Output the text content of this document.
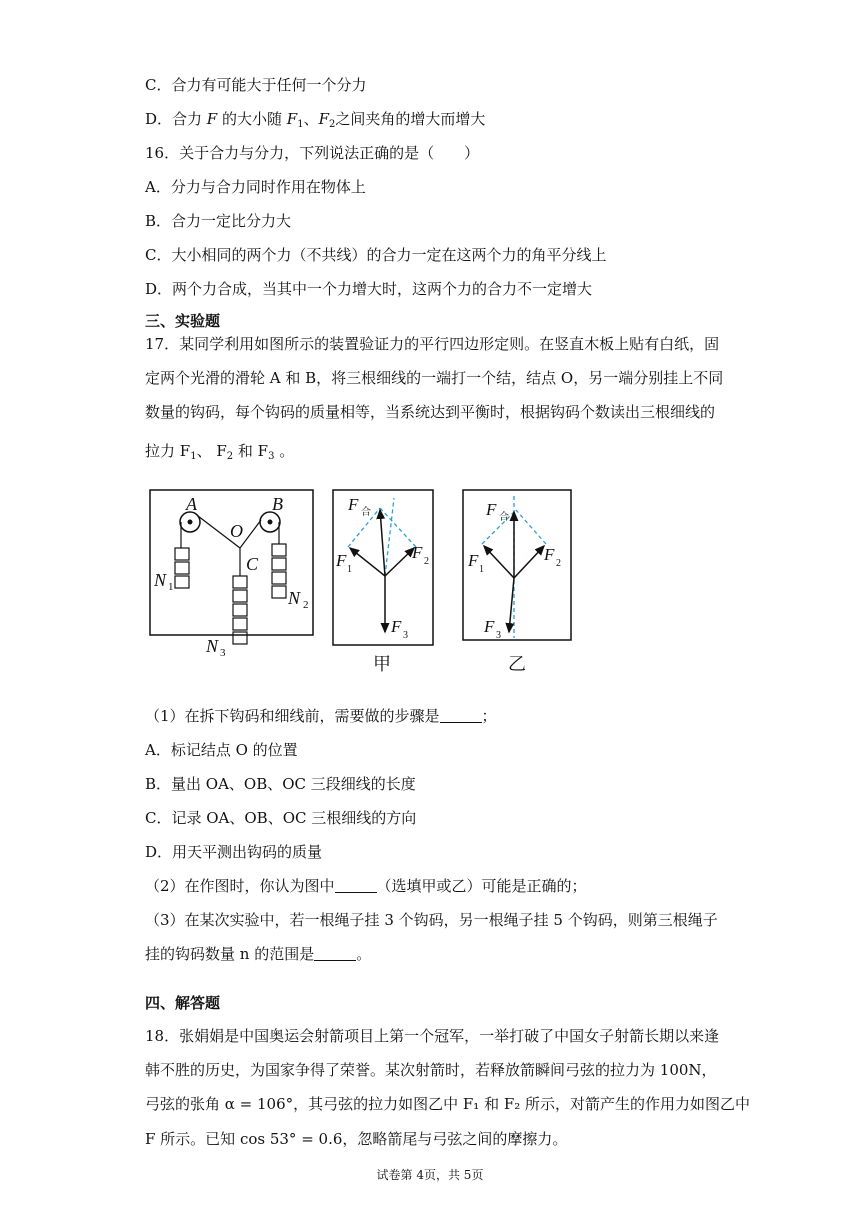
C．合力有可能大于任何一个分力
D．合力 F 的大小随 $F_1$、$F_2$之间夹角的增大而增大
16．关于合力与分力，下列说法正确的是（　　）
A．分力与合力同时作用在物体上
B．合力一定比分力大
C．大小相同的两个力（不共线）的合力一定在这两个力的角平分线上
D．两个力合成，当其中一个力增大时，这两个力的合力不一定增大
三、实验题
17．某同学利用如图所示的装置验证力的平行四边形定则。在竖直木板上贴有白纸，固定两个光滑的滑轮 A 和 B，将三根细线的一端打一个结，结点 O，另一端分别挂上不同数量的钩码，每个钩码的质量相等，当系统达到平衡时，根据钩码个数读出三根细线的
拉力 $F_1$、 $F_2$ 和 $F_3$ 。
A	B
O
C
N
N
N
1
2
3
F
F	F
F
合
1
2
3
甲
F
F	F
F
合
1
2
3
乙
（1）在拆下钩码和细线前，需要做的步骤是	；
A．标记结点 O 的位置
B．量出 OA、OB、OC 三段细线的长度
C．记录 OA、OB、OC 三根细线的方向
D．用天平测出钩码的质量
（2）在作图时，你认为图中	（选填甲或乙）可能是正确的；
（3）在某次实验中，若一根绳子挂 3 个钩码，另一根绳子挂 5 个钩码，则第三根绳子
挂的钩码数量 n 的范围是	。
四、解答题
18．张娟娟是中国奥运会射箭项目上第一个冠军，一举打破了中国女子射箭长期以来逢
韩不胜的历史，为国家争得了荣誉。某次射箭时，若释放箭瞬间弓弦的拉力为 100N，
弓弦的张角 α = 106°，其弓弦的拉力如图乙中 F₁ 和 F₂ 所示，对箭产生的作用力如图乙中
F 所示。已知 cos 53° = 0.6，忽略箭尾与弓弦之间的摩擦力。
试卷第 4页，共 5页
